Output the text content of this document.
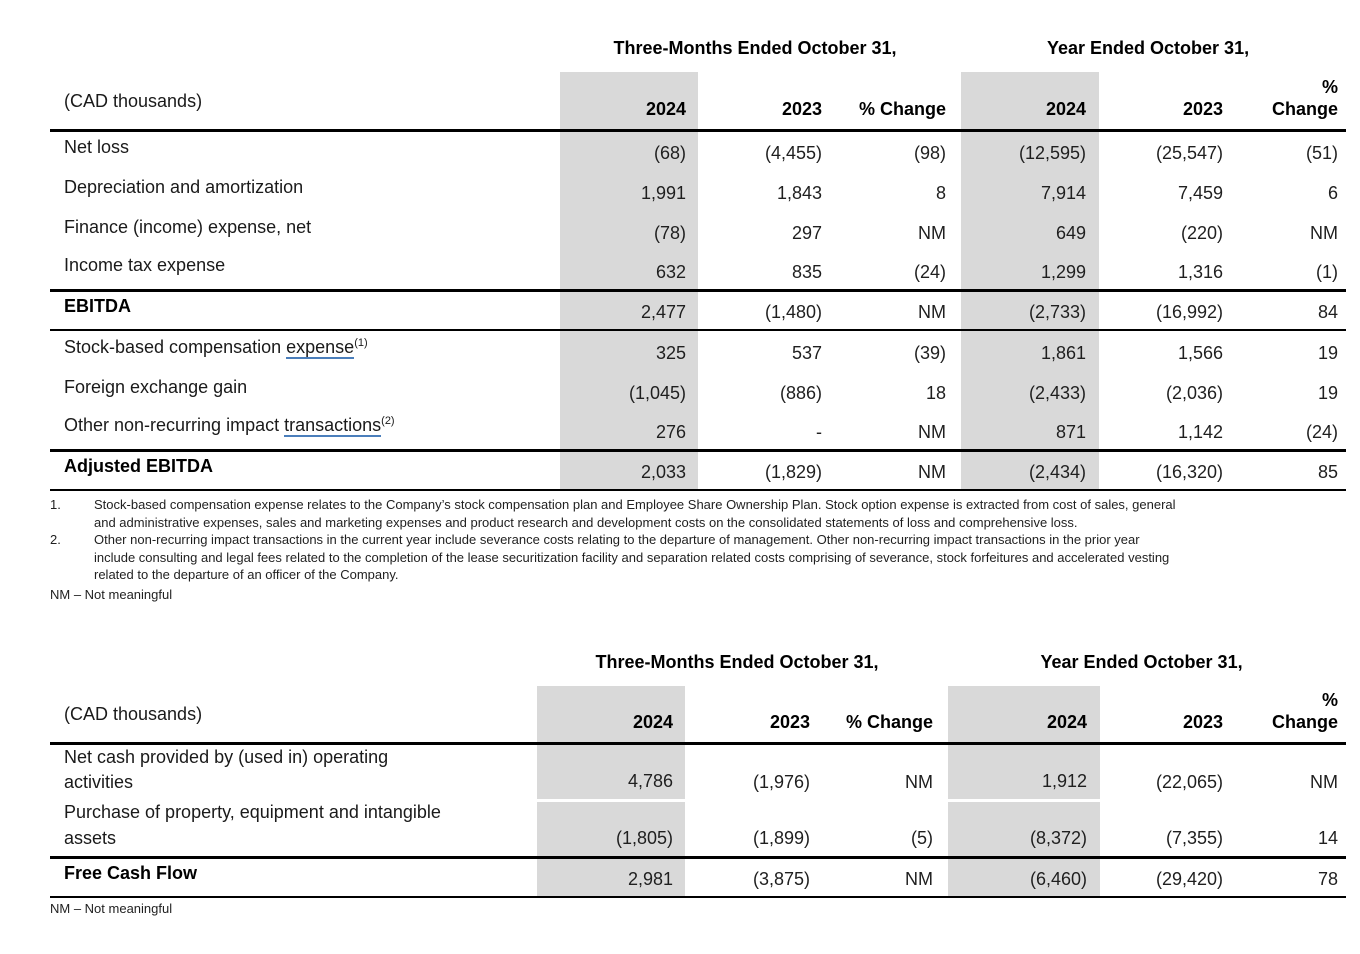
	Three-Months Ended October 31,			Year Ended October 31,		
(CAD thousands)	2024	2023	% Change	2024	2023	%
Change
Net loss	(68)	(4,455)	(98)	(12,595)	(25,547)	(51)
Depreciation and amortization	1,991	1,843	8	7,914	7,459	6
Finance (income) expense, net	(78)	297	NM	649	(220)	NM
Income tax expense	632	835	(24)	1,299	1,316	(1)
EBITDA	2,477	(1,480)	NM	(2,733)	(16,992)	84
Stock-based compensation expense$^{(1)}$	325	537	(39)	1,861	1,566	19
Foreign exchange gain	(1,045)	(886)	18	(2,433)	(2,036)	19
Other non-recurring impact transactions$^{(2)}$	276	-	NM	871	1,142	(24)
Adjusted EBITDA	2,033	(1,829)	NM	(2,434)	(16,320)	85
1.	Stock-based compensation expense relates to the Company’s stock compensation plan and Employee Share Ownership Plan. Stock option expense is extracted from cost of sales, general and administrative expenses, sales and marketing expenses and product research and development costs on the consolidated statements of loss and comprehensive loss.
2.	Other non-recurring impact transactions in the current year include severance costs relating to the departure of management. Other non-recurring impact transactions in the prior year include consulting and legal fees related to the completion of the lease securitization facility and separation related costs comprising of severance, stock forfeitures and accelerated vesting related to the departure of an officer of the Company.
NM – Not meaningful
	Three-Months Ended October 31,			Year Ended October 31,		
(CAD thousands)	2024	2023	% Change	2024	2023	%
Change
Net cash provided by (used in) operating
activities	4,786	(1,976)	NM	1,912	(22,065)	NM
Purchase of property, equipment and intangible
assets	(1,805)	(1,899)	(5)	(8,372)	(7,355)	14
Free Cash Flow	2,981	(3,875)	NM	(6,460)	(29,420)	78
NM – Not meaningful
